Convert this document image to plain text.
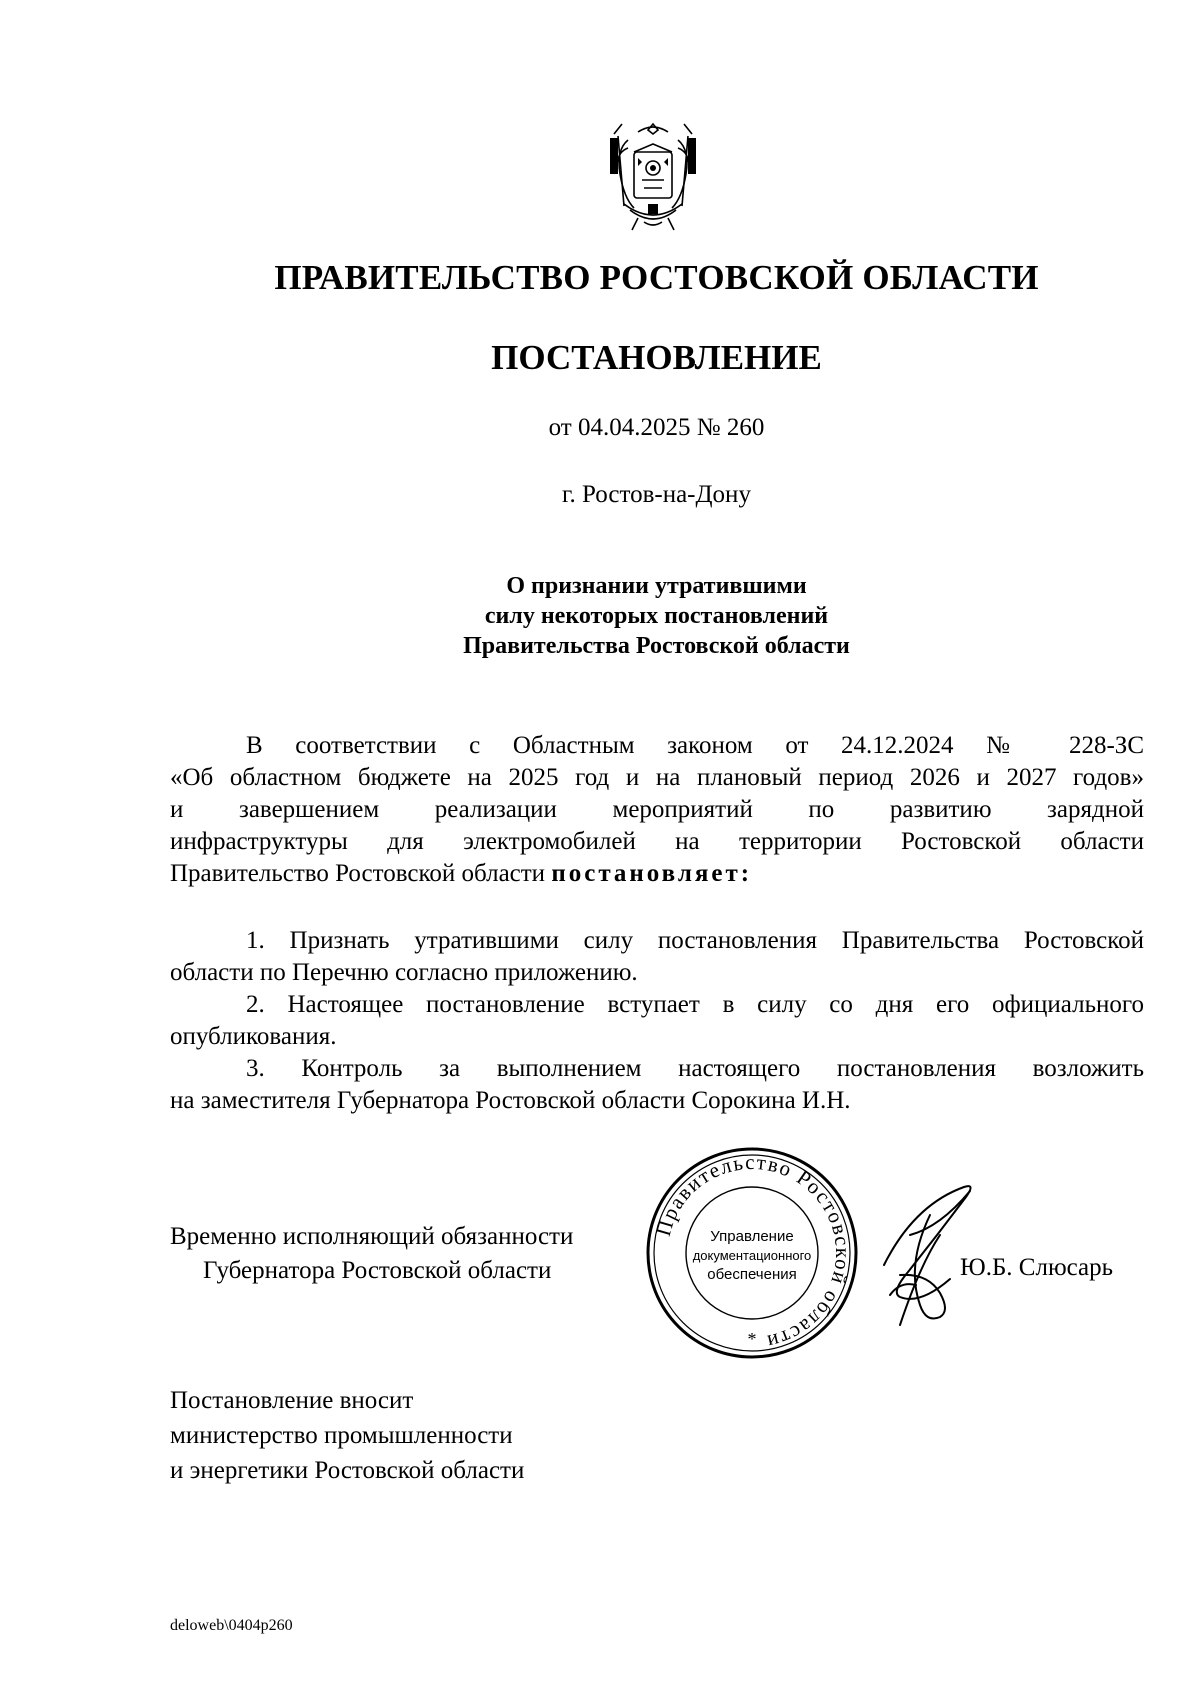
ПРАВИТЕЛЬСТВО РОСТОВСКОЙ ОБЛАСТИ
ПОСТАНОВЛЕНИЕ
от 04.04.2025 № 260
г. Ростов-на-Дону
О признании утратившими
силу некоторых постановлений
Правительства Ростовской области
В соответствии с Областным законом от 24.12.2024 № 228-ЗС
«Об областном бюджете на 2025 год и на плановый период 2026 и 2027 годов»
и завершением реализации мероприятий по развитию зарядной
инфраструктуры для электромобилей на территории Ростовской области
Правительство Ростовской области постановляет:
1. Признать утратившими силу постановления Правительства Ростовской
области по Перечню согласно приложению.
2. Настоящее постановление вступает в силу со дня его официального
опубликования.
3. Контроль за выполнением настоящего постановления возложить
на заместителя Губернатора Ростовской области Сорокина И.Н.
Временно исполняющий обязанности
Губернатора Ростовской области
Правительство Ростовской области
Управление
документационного
обеспечения
*
Ю.Б. Слюсарь
Постановление вносит
министерство промышленности
и энергетики Ростовской области
deloweb\0404p260
